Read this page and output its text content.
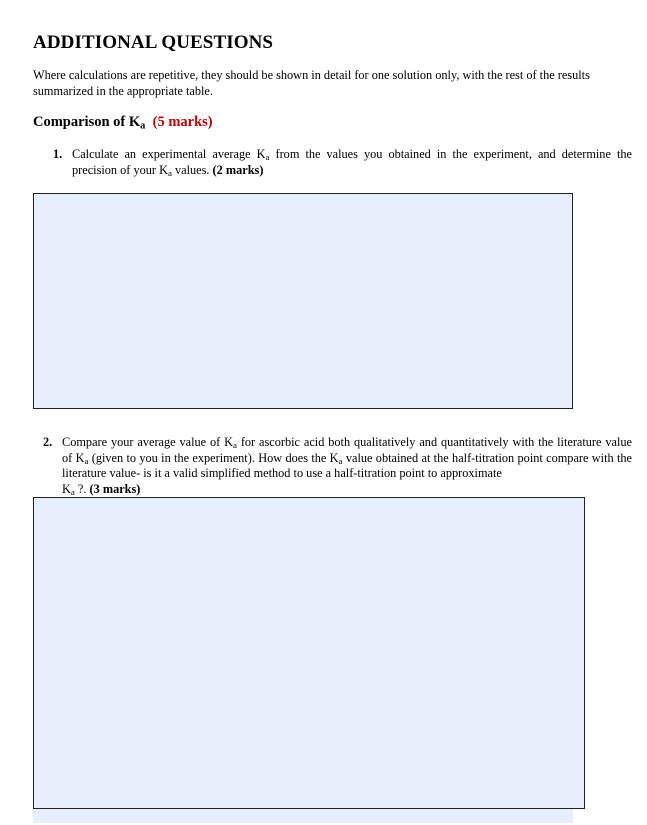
ADDITIONAL QUESTIONS
Where calculations are repetitive, they should be shown in detail for one solution only, with the rest of the results summarized in the appropriate table.
Comparison of $K_a$ (5 marks)
1. Calculate an experimental average $K_a$ from the values you obtained in the experiment, and determine the precision of your $K_a$ values. (2 marks)
2. Compare your average value of $K_a$ for ascorbic acid both qualitatively and quantitatively with the literature value of $K_a$ (given to you in the experiment). How does the $K_a$ value obtained at the half-titration point compare with the literature value- is it a valid simplified method to use a half-titration point to approximate
$K_a$ ?. (3 marks)
